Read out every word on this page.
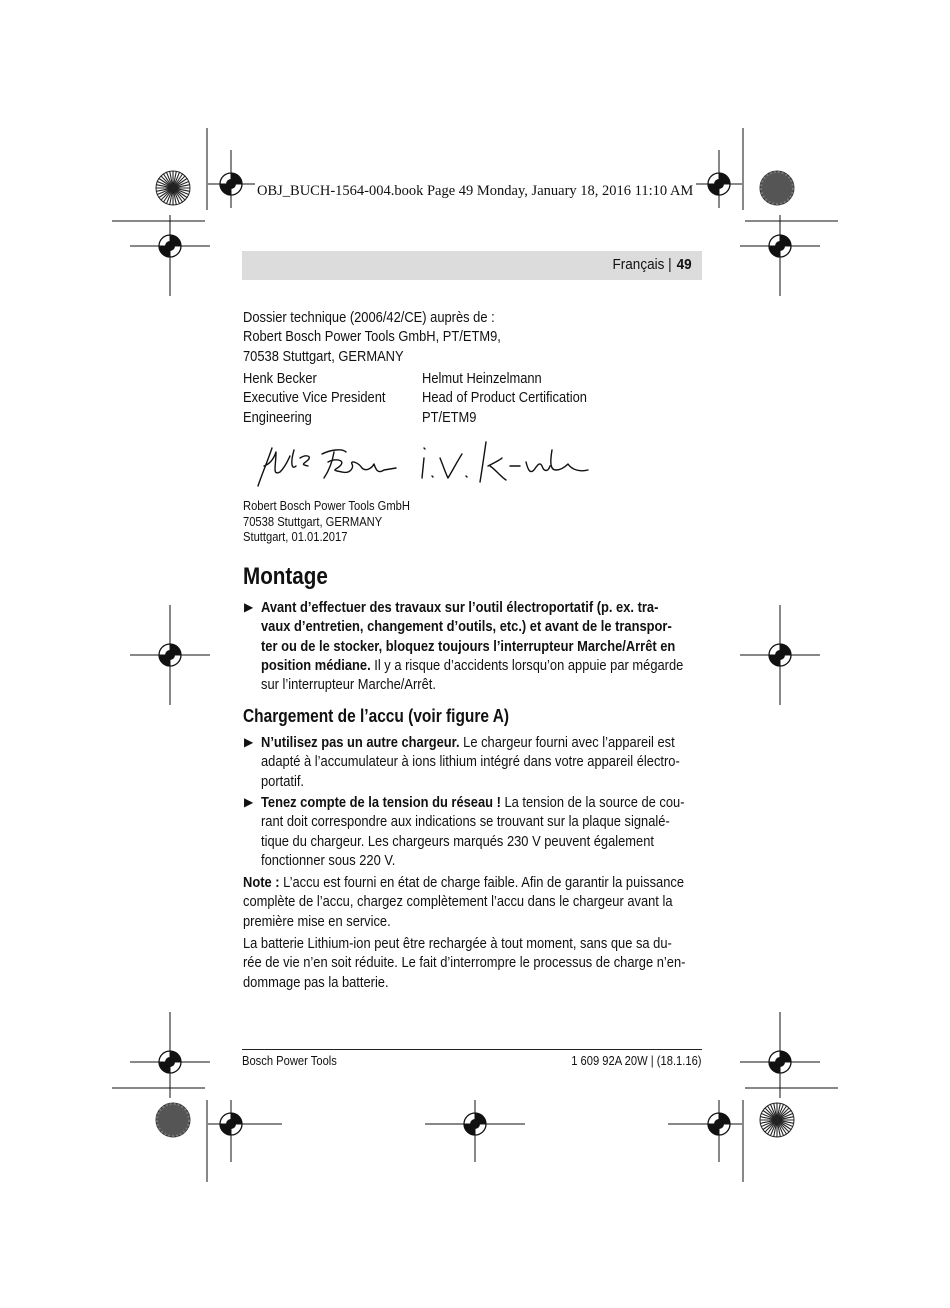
OBJ_BUCH-1564-004.book Page 49 Monday, January 18, 2016 11:10 AM
Français | 49
Dossier technique (2006/42/CE) auprès de :
Robert Bosch Power Tools GmbH, PT/ETM9,
70538 Stuttgart, GERMANY
Henk Becker
Executive Vice President
Engineering
Helmut Heinzelmann
Head of Product Certification
PT/ETM9
Robert Bosch Power Tools GmbH
70538 Stuttgart, GERMANY
Stuttgart, 01.01.2017
Montage
▶ Avant d’effectuer des travaux sur l’outil électroportatif (p. ex. tra-
vaux d’entretien, changement d’outils, etc.) et avant de le transpor-
ter ou de le stocker, bloquez toujours l’interrupteur Marche/Arrêt en
position médiane. Il y a risque d’accidents lorsqu’on appuie par mégarde
sur l’interrupteur Marche/Arrêt.
Chargement de l’accu (voir figure A)
▶ N’utilisez pas un autre chargeur. Le chargeur fourni avec l’appareil est
adapté à l’accumulateur à ions lithium intégré dans votre appareil électro-
portatif.
▶ Tenez compte de la tension du réseau ! La tension de la source de cou-
rant doit correspondre aux indications se trouvant sur la plaque signalé-
tique du chargeur. Les chargeurs marqués 230 V peuvent également
fonctionner sous 220 V.
Note : L’accu est fourni en état de charge faible. Afin de garantir la puissance
complète de l’accu, chargez complètement l’accu dans le chargeur avant la
première mise en service.
La batterie Lithium-ion peut être rechargée à tout moment, sans que sa du-
rée de vie n’en soit réduite. Le fait d’interrompre le processus de charge n’en-
dommage pas la batterie.
Bosch Power Tools	1 609 92A 20W | (18.1.16)
